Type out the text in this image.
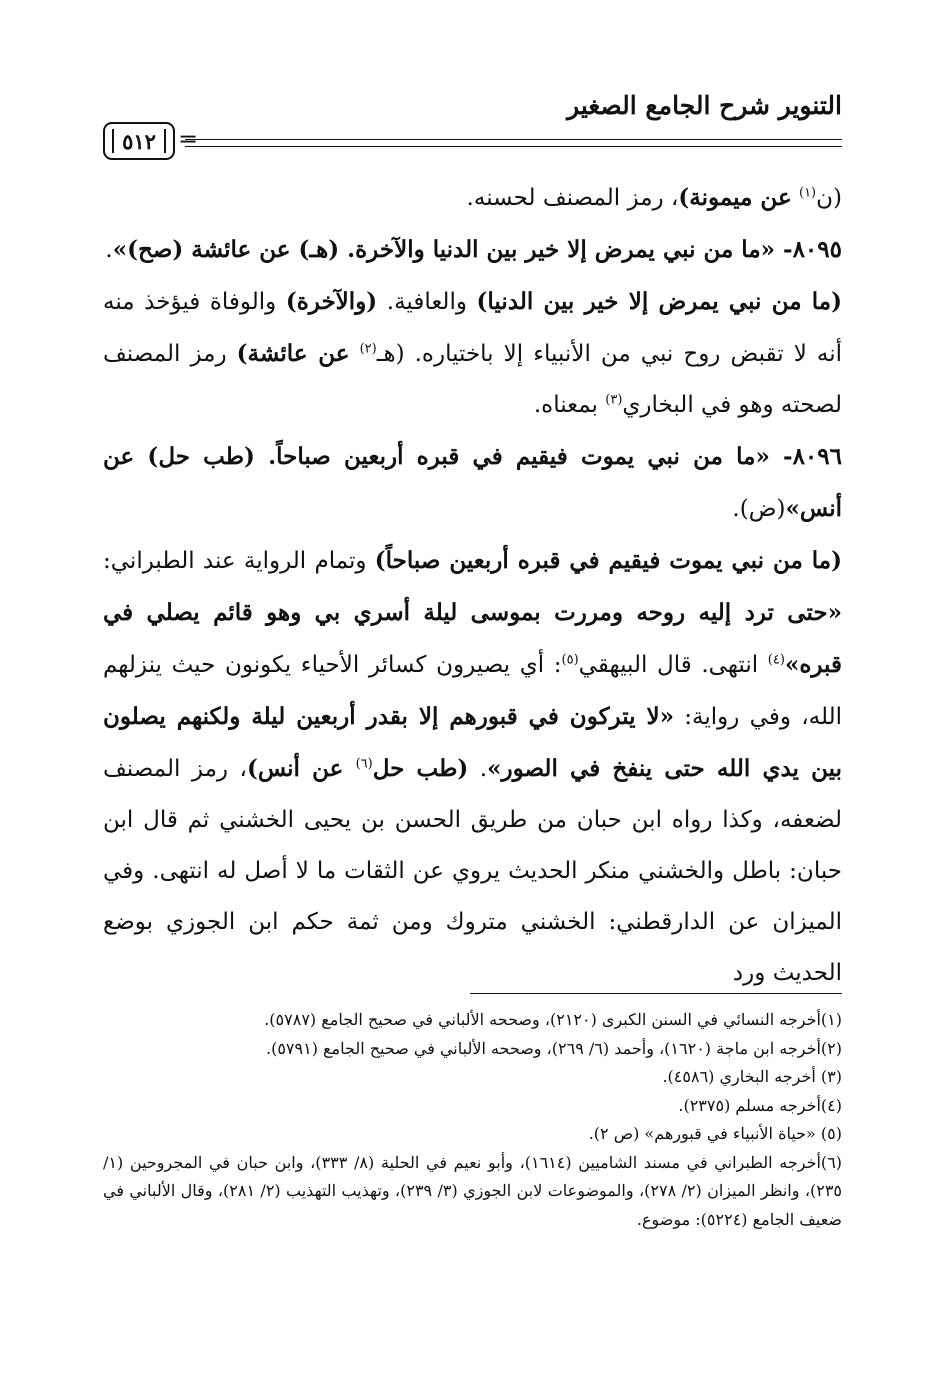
التنوير شرح الجامع الصغير
٥١٢ =

(ن$^{(١)}$ عن ميمونة)، رمز المصنف لحسنه.

٨٠٩٥- «ما من نبي يمرض إلا خير بين الدنيا والآخرة. (هـ) عن عائشة (صح)».

(ما من نبي يمرض إلا خير بين الدنيا) والعافية. (والآخرة) والوفاة فيؤخذ منه أنه لا تقبض روح نبي من الأنبياء إلا باختياره. (هـ$^{(٢)}$ عن عائشة) رمز المصنف لصحته وهو في البخاري$^{(٣)}$ بمعناه.

٨٠٩٦- «ما من نبي يموت فيقيم في قبره أربعين صباحاً. (طب حل) عن أنس»(ض).

(ما من نبي يموت فيقيم في قبره أربعين صباحاً) وتمام الرواية عند الطبراني: «حتى ترد إليه روحه ومررت بموسى ليلة أسري بي وهو قائم يصلي في قبره»$^{(٤)}$ انتهى. قال البيهقي$^{(٥)}$: أي يصيرون كسائر الأحياء يكونون حيث ينزلهم الله، وفي رواية: «لا يتركون في قبورهم إلا بقدر أربعين ليلة ولكنهم يصلون بين يدي الله حتى ينفخ في الصور». (طب حل$^{(٦)}$ عن أنس)، رمز المصنف لضعفه، وكذا رواه ابن حبان من طريق الحسن بن يحيى الخشني ثم قال ابن حبان: باطل والخشني منكر الحديث يروي عن الثقات ما لا أصل له انتهى. وفي الميزان عن الدارقطني: الخشني متروك ومن ثمة حكم ابن الجوزي بوضع الحديث ورد

(١)أخرجه النسائي في السنن الكبرى (٢١٢٠)، وصححه الألباني في صحيح الجامع (٥٧٨٧).

(٢)أخرجه ابن ماجة (١٦٢٠)، وأحمد (٦/ ٢٦٩)، وصححه الألباني في صحيح الجامع (٥٧٩١).

(٣) أخرجه البخاري (٤٥٨٦).

(٤)أخرجه مسلم (٢٣٧٥).

(٥) «حياة الأنبياء في قبورهم» (ص ٢).

(٦)أخرجه الطبراني في مسند الشاميين (١٦١٤)، وأبو نعيم في الحلية (٨/ ٣٣٣)، وابن حبان في المجروحين (١/ ٢٣٥)، وانظر الميزان (٢/ ٢٧٨)، والموضوعات لابن الجوزي (٣/ ٢٣٩)، وتهذيب التهذيب (٢/ ٢٨١)، وقال الألباني في ضعيف الجامع (٥٢٢٤): موضوع.
